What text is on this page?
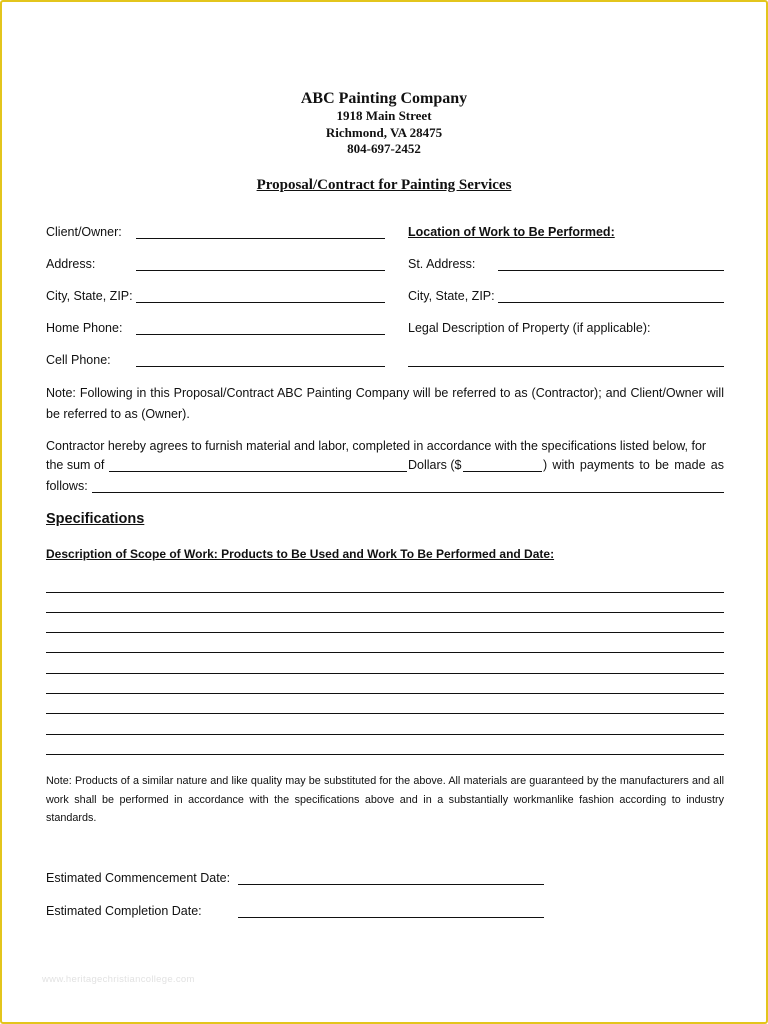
ABC Painting Company
1918 Main Street
Richmond, VA 28475
804-697-2452
Proposal/Contract for Painting Services
Client/Owner:
Address:
City, State, ZIP:
Home Phone:
Cell Phone:
Location of Work to Be Performed:
St. Address:
City, State, ZIP:
Legal Description of Property (if applicable):
Note: Following in this Proposal/Contract ABC Painting Company will be referred to as (Contractor); and Client/Owner will be referred to as (Owner).
Contractor hereby agrees to furnish material and labor, completed in accordance with the specifications listed below, for
the sum of	Dollars ($	) with payments to be made as
follows:
Specifications
Description of Scope of Work: Products to Be Used and Work To Be Performed and Date:
Note: Products of a similar nature and like quality may be substituted for the above. All materials are guaranteed by the manufacturers and all work shall be performed in accordance with the specifications above and in a substantially workmanlike fashion according to industry standards.
Estimated Commencement Date:
Estimated Completion Date:
www.heritagechristiancollege.com
